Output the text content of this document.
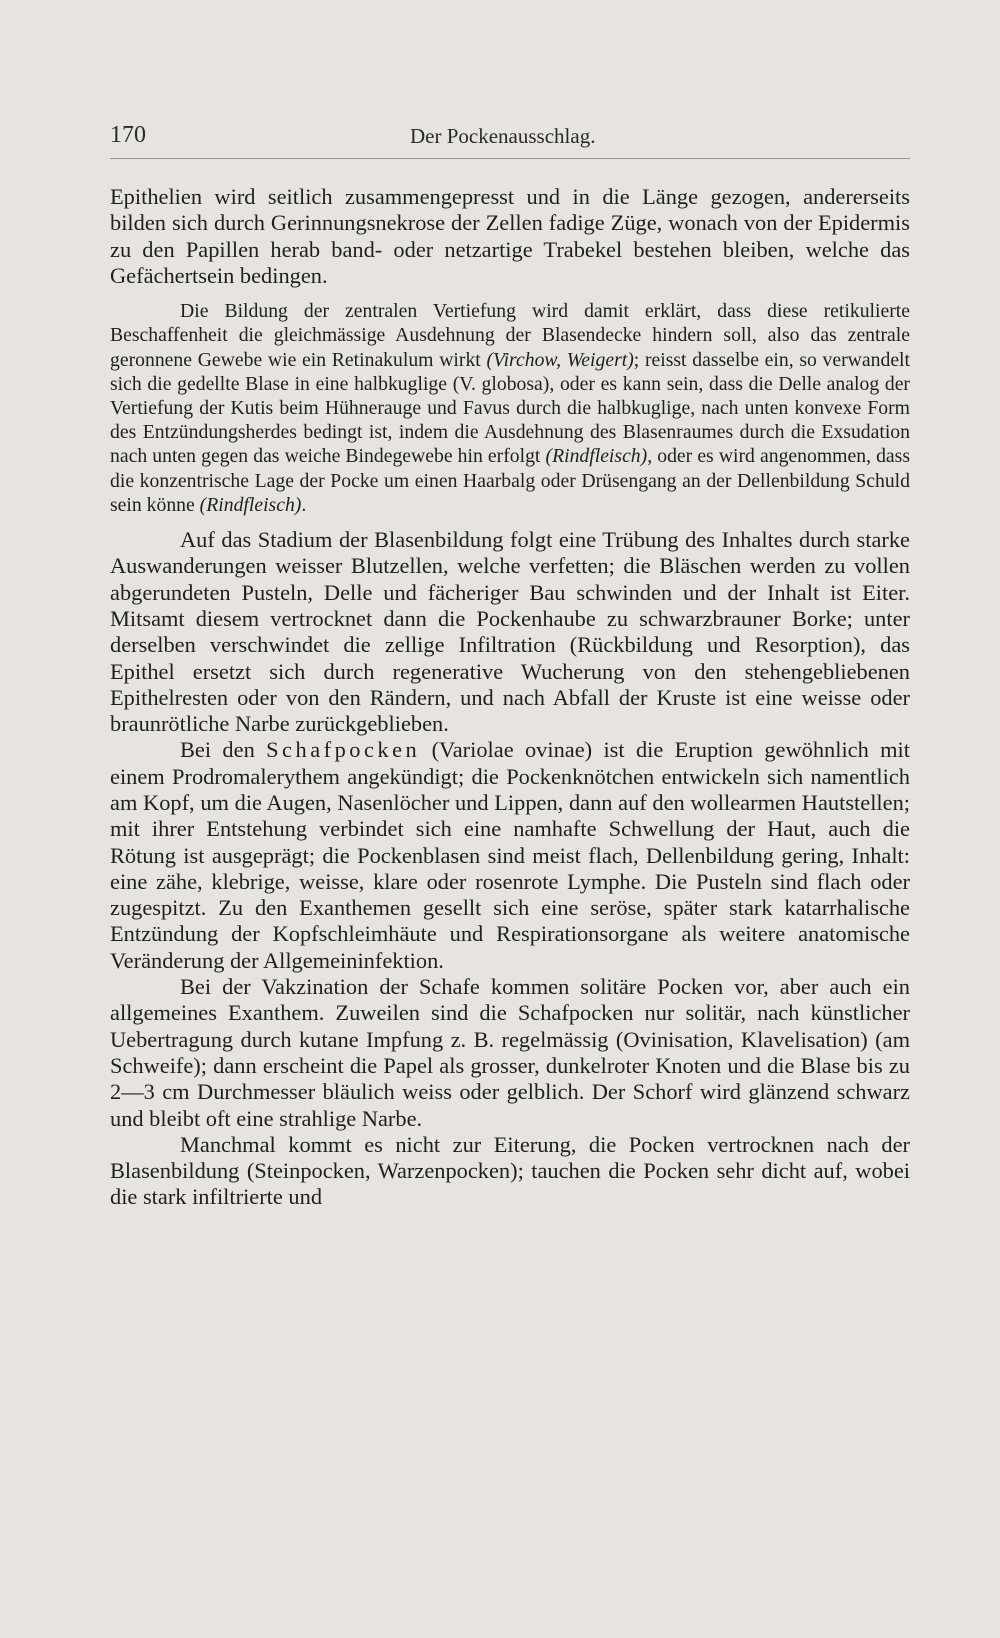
170	Der Pockenausschlag.

Epithelien wird seitlich zusammengepresst und in die Länge gezogen, andererseits bilden sich durch Gerinnungsnekrose der Zellen fadige Züge, wonach von der Epidermis zu den Papillen herab band- oder netzartige Trabekel bestehen bleiben, welche das Gefächertsein bedingen.

Die Bildung der zentralen Vertiefung wird damit erklärt, dass diese retikulierte Beschaffenheit die gleichmässige Ausdehnung der Blasendecke hindern soll, also das zentrale geronnene Gewebe wie ein Retinakulum wirkt (Virchow, Weigert); reisst dasselbe ein, so verwandelt sich die gedellte Blase in eine halbkuglige (V. globosa), oder es kann sein, dass die Delle analog der Vertiefung der Kutis beim Hühnerauge und Favus durch die halbkuglige, nach unten konvexe Form des Entzündungsherdes bedingt ist, indem die Ausdehnung des Blasenraumes durch die Exsudation nach unten gegen das weiche Bindegewebe hin erfolgt (Rindfleisch), oder es wird angenommen, dass die konzentrische Lage der Pocke um einen Haarbalg oder Drüsengang an der Dellenbildung Schuld sein könne (Rindfleisch).

Auf das Stadium der Blasenbildung folgt eine Trübung des Inhaltes durch starke Auswanderungen weisser Blutzellen, welche verfetten; die Bläschen werden zu vollen abgerundeten Pusteln, Delle und fächeriger Bau schwinden und der Inhalt ist Eiter. Mitsamt diesem vertrocknet dann die Pockenhaube zu schwarzbrauner Borke; unter derselben verschwindet die zellige Infiltration (Rückbildung und Resorption), das Epithel ersetzt sich durch regenerative Wucherung von den stehengebliebenen Epithelresten oder von den Rändern, und nach Abfall der Kruste ist eine weisse oder braunrötliche Narbe zurückgeblieben.

Bei den Schafpocken (Variolae ovinae) ist die Eruption gewöhnlich mit einem Prodromalerythem angekündigt; die Pockenknötchen entwickeln sich namentlich am Kopf, um die Augen, Nasenlöcher und Lippen, dann auf den wollearmen Hautstellen; mit ihrer Entstehung verbindet sich eine namhafte Schwellung der Haut, auch die Rötung ist ausgeprägt; die Pockenblasen sind meist flach, Dellenbildung gering, Inhalt: eine zähe, klebrige, weisse, klare oder rosenrote Lymphe. Die Pusteln sind flach oder zugespitzt. Zu den Exanthemen gesellt sich eine seröse, später stark katarrhalische Entzündung der Kopfschleimhäute und Respirationsorgane als weitere anatomische Veränderung der Allgemeininfektion.

Bei der Vakzination der Schafe kommen solitäre Pocken vor, aber auch ein allgemeines Exanthem. Zuweilen sind die Schafpocken nur solitär, nach künstlicher Uebertragung durch kutane Impfung z. B. regelmässig (Ovinisation, Klavelisation) (am Schweife); dann erscheint die Papel als grosser, dunkelroter Knoten und die Blase bis zu 2—3 cm Durchmesser bläulich weiss oder gelblich. Der Schorf wird glänzend schwarz und bleibt oft eine strahlige Narbe.

Manchmal kommt es nicht zur Eiterung, die Pocken vertrocknen nach der Blasenbildung (Steinpocken, Warzenpocken); tauchen die Pocken sehr dicht auf, wobei die stark infiltrierte und
